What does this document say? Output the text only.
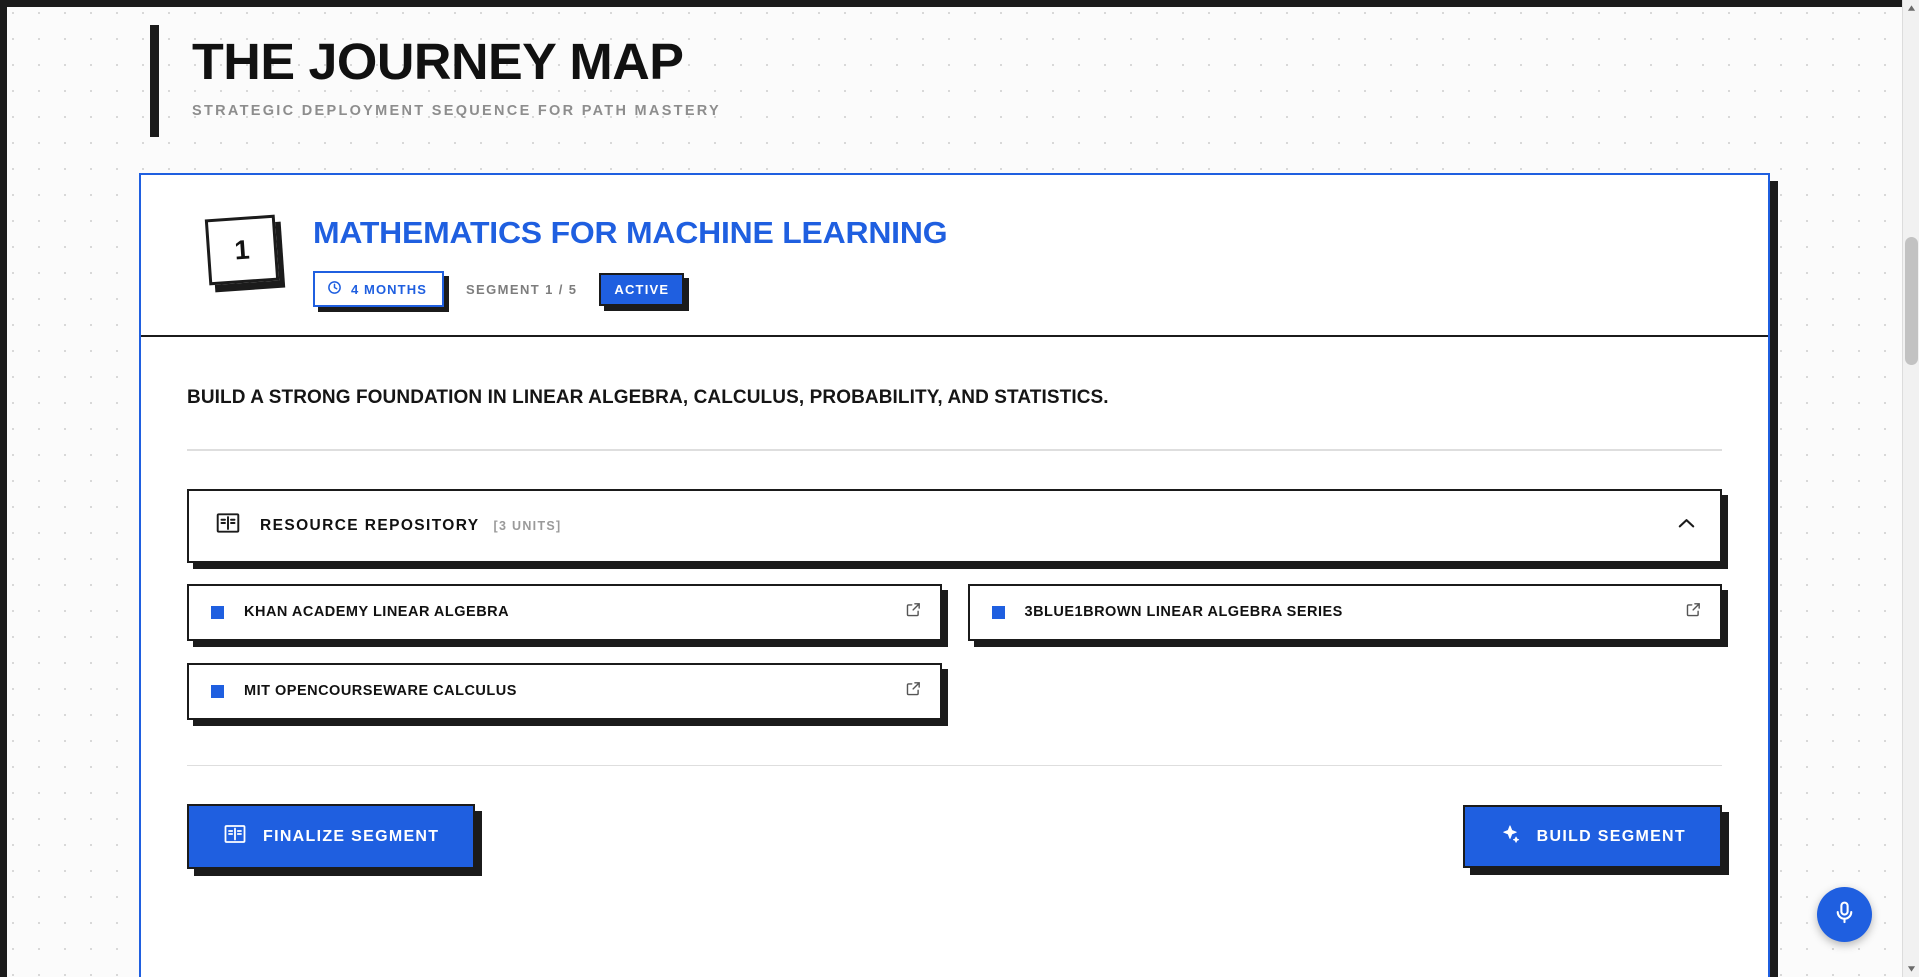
THE JOURNEY MAP
STRATEGIC DEPLOYMENT SEQUENCE FOR PATH MASTERY
1	MATHEMATICS FOR MACHINE LEARNING
4 MONTHS	SEGMENT 1 / 5	ACTIVE
BUILD A STRONG FOUNDATION IN LINEAR ALGEBRA, CALCULUS, PROBABILITY, AND STATISTICS.
RESOURCE REPOSITORY [3 UNITS]
KHAN ACADEMY LINEAR ALGEBRA	3BLUE1BROWN LINEAR ALGEBRA SERIES
MIT OPENCOURSEWARE CALCULUS
FINALIZE SEGMENT	BUILD SEGMENT
